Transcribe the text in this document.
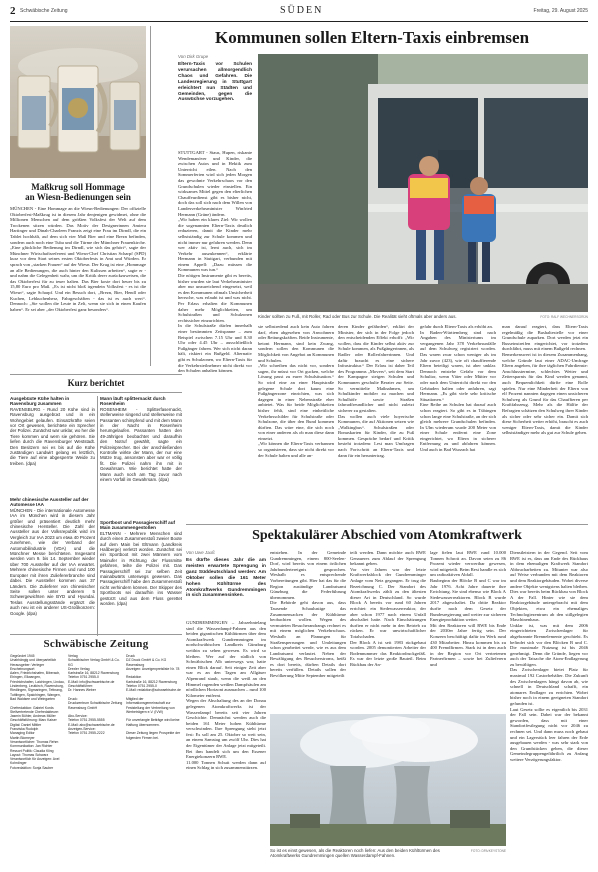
2 Schwäbische Zeitung	SÜDEN	Freitag, 29. August 2025
Maßkrug soll Hommage
an Wiesn-Bedienungen sein
MÜNCHEN - Eine Hommage an die Wiesn-Bedienungen: Der offizielle Oktoberfest-Maßkrug ist in diesem Jahr denjenigen gewidmet, ohne die Millionen Menschen auf dem größten Volksfest der Welt auf dem Trockenen sitzen würden. Das Motiv der Designerinnen Amiera Hartinger und Dinah-Charleen Franzis zeigt eine Frau im Dirndl, die ein Tablet hochhält, auf dem sich vier Maß Bier und eine Brezn befinden, sondern auch noch eine Tuba und die Türme der Münchner Frauenkirche. „Eine glückliche Bedienung im Dirndl, wie sich das gehört“, sagte der Münchner Wirtschaftsreferent und Wiesn-Chef Christian Scharpf (SPD) kurz vor dem Start seines ersten Oktoberfests in Amt und Würden. Er sprach von „starken Frauen“ auf der Wiesn. Der Krug ist eine „Hommage an alle Bedienungen, die auch hinter den Kulissen arbeiten“, sagte er - und nahm die Gelegenheit wahr, um die Kritik derer zurückzuweisen, die das Oktoberfest für zu teuer halten. Das Bier koste dort heuer bis zu 15,80 Euro pro Maß. „Es ist nicht bloß irgendein Volksfest - es ist die Wiesn“, sagte Scharpf. Und ein Besuch dort, „Brezn, Bier, Hendl oder Kuchen, Lebkuchenherz, Fahrgeschäften - das ist es auch wert“. Dennoch: „Sie wollen die Leute in Zelt, wenn sie sich in einen Kaufen haben“. Er sei aber „der Oktoberfest ganz besonders“.
Kurz berichtet
Ausgebüxte Kühe halten in Ravensburg zusammen
RAVENSBURG - Rund 20 Kühe sind in Ravensburg ausgebüxt und in ein Wohngebiet gelaufen. Einsatzkräfte seien vor Ort gewesen, berichtete ein Sprecher der Polizei. Zunächst war unklar, wo her die Tiere kommen und wem sie gehören. Sie liefen durch die Ravensburger Weststadt. Den Besitzern sei es bis auf die Kühe zuständigen Landwirt gelang es letztlich, die Tiere auf eine abgesperrte Weide zu treiben. (dpa)
Mehr chinesische Aussteller auf der Automesse IAA
MÜNCHEN - Die internationale Automesse IAA im München wird in diesem Jahr größer und präsentiert deutlich mehr chinesische Hersteller. Die Zahl der Aussteller aus der Volksrepublik wird im Vergleich zur IAA 2023 um etwa 40 Prozent zunehmen, wie der Verband der Automobilindustrie (VDA) und die Münchner Messe berichteten. Insgesamt werden vom 9. bis 14. September wieder über 700 Aussteller auf der IAA erwartet. Mehrere chinesische Firmen und rund 100 Europäer mit ihren Zuliefererbranche sind dabei. Die Aussteller kommen aus 37 Ländern. Die Zulieferer von chinesischer Seite sollen unter anderem 5 Schwergewichten wie BYD und Hyundai. Teslas Ausstellungsstände ergänzt die auch neu ist ein anderer US-Großkonzern: Google. (dpa)
Mann läuft splitternackt durch Rosenheim
ROSENHEIM - Splitterfasernackt, stellenweise singend und stellenweise mit Passanten schimpfend und mit dem Mann in der Nacht in Rosenheim herumgelaufen. Passanten hatten den 49-Jährigen beobachtet und daraufhin den Notruf gewählt, sagte ein Polizeisprecher. Bei der anschließenden Kontrolle wirkte der Mann, der nur eine Mütze trug, ansonsten aber war er völlig fit. Die Polizei nahm ihn mit in Gewahrsam. Wie berichtet hatte der Mann auch noch am Tag zuvor nach einem Vorfall im Gewahrsam. (dpa)
Sportboot und Passagierschiff auf Main zusammengestoßen
ELTMANN - Mehrere Menschen sind durch einen Zusammenstoß zweier Boote auf dem Main bei Eltmann (Landkreis Haßberge) verletzt worden. Zunächst sei ein Sportboot mit zwei Männern vom Mainufer in Richtung der Flussmitte gefahren, teilte die Polizei mit. Das Passagierschiff sei zur selben Zeit mainabwärts unterwegs gewesen. Das Passagierschiff habe den Zusammenstoß nicht verhindern können. Der Skipper des Sportboots sei daraufhin ins Wasser gestürzt und aus dem Fluss gerettet worden. (dpa)
Schwäbische Zeitung
Gegründet 1945
Unabhängig und überparteilich
Herausgeber: Verleger
Erscheinungsort
Aalen, Friedrichshafen, Biberach, Ehingen, Ellwangen, Friedrichshafen, Laichingen, Lindau, Lindenberg, Leutkirch, Ravensburg, Riedlingen, Sigmaringen, Tettnang, Tuttlingen, Spaichingen, Wangen, Bad Waldsee und Weingarten

Chefredaktion: Gabriel Kords
Stellvertretende Chefredakteure: Jasmin Bühler, Andreas Müller
Geschäftsführung: Marc Kaiser
Digital: Daniel Mittler
Franziska Rudolph
Managing Editor
Martin Blomeyer
Verantwortlicher: Thomas Rehm
Kommunikation: Jan Richter
Ressort Politik: Claudia Kling
Layout: Thomas Schwarz
Verantwortlich für Anzeigen: Axel Kohrdinger
Fotoredaktion: Sonja Sauber
Verlag
Schwäbischer Verlag GmbH & Co. KG
Drexler Verlag
Karlstraße 16, 88212 Ravensburg
Telefon 0751 2955-0
E-Mail: info@schwaebische.de
Geschäftsführer:
Dr. Hannes Weber

Druck:
Druckzentrum Schwäbische Zeitung
Ravensburg GmbH

Abo-Service:
Telefon 0751 2955-5555
E-Mail: abo@schwaebische.de
Anzeigen-Service:
Telefon 0751 2955-2222
Druck
DZ Druck GmbH & Co. KG Ravensburg
Anzeigen: Anzeigenpreisliste Nr. 78

Redaktion
Karlstraße 16, 88212 Ravensburg
Telefon 0751 2955-0
E-Mail: redaktion@schwaebische.de

Mitglied der Informationsgemeinschaft zur Feststellung der Verbreitung von Werbeträgern e.V. (IVW)

Für unverlangte Beiträge wird keine Haftung übernommen.

Dieser Zeitung liegen Prospekte der folgenden Firmen bei.
Kommunen sollen Eltern-Taxis einbremsen
Von Dirk Grupe
Eltern-Taxis vor Schulen verursachen allmorgendlich Chaos und Gefahren. Die Landesregierung in Stuttgart erleichtert nun Städten und Gemeinden, gegen die Auswüchse vorzugehen.
STUTTGART - Staus, Hupen, riskante Wendemanöver und Kinder, die zwischen Autos und in Hektik zum Unterricht eilen. Nach den Sommerferien wird sich jeden Morgen das gewohnte Verkehrschaos vor den Grundschulen wieder einstellen. Ein wirksames Mittel gegen den elterlichen Chauffeurdienst gibt es bisher nicht, doch das soll sich nach dem Willen von Landesverkehrsminister Winfried Hermann (Grüne) ändern.
„Wir haben ein klares Ziel: Wir wollen die sogenannten Eltern-Taxis deutlich reduzieren, damit die Kinder mehr selbstständig zur Schule kommen und nicht immer nur gefahren werden. Denn wer aktiv ist, lernt auch, sich im Verkehr auszukennen“, erklärte Hermann in Stuttgart, verbunden mit einem Appell: „Dazu müssen die Kommunen was tun.“
Die nötigen Instrumente gibt es bereits, bisher wurden sie laut Verkehrsminister aber nur unzureichend eingesetzt, weil es den Kommunen oftmals Unsicherheit herrsche, was erlaubt ist und was nicht. Per Erlass erhalten die Kommunen daher mehr Möglichkeiten, um Schulstraßen und Schulzonen rechtssicher einzurichten.
In die Schulstraße dürfen innerhalb einer bestimmten Zeitspanne – zum Beispiel zwischen 7.15 Uhr und 8.30 Uhr oder 4.45 Uhr – ausschließlich Fußgänger fahren. Wer sich nicht daran hält, riskiert ein Bußgeld. Alternativ gibt es Schulzonen, wo Eltern-Taxis für die Verkehrsteilnehmer nicht direkt vor den Schulen anhalten können.
Kinder sollten zu Fuß, mit Roller, Rad oder Bus zur Schule. Die Realität sieht oftmals aber anders aus.	FOTO: RALF WECHNERSGRÜN
sie selbstredend auch kein Auto fahren darf, eben abgesehen von Anwohnern oder Rettungskräften. Beide Instrumente, betont Hermann, sind kein Zwang, sondern sollen den Kommunen die Möglichkeit von Angebot an Kommunen und Schulen.
„Wir schreiben das nicht vor, sondern sagen, ihr müsst vor Ort gucken, welche Lösung passt zu eurer Schulsituation.“ So wird eine an einer Hauptstraße gelegene Schule dort kaum eine Fußgängerzone einrichten, was sich dagegen in einer Nebenstraße eher anbietet. Was für beide Möglichkeiten bisher fehlt, sind eine einheitliche Verkehrsschilder für Schulstraße oder Schulzone, die über den Bund kommen dürften. Das wäre eine, die sich noch von einer anderen als ob man diese dann einsetzt.
„Wir können die Eltern-Taxis verbannen so organisieren, dass sie nicht direkt vor der Schule halten und alle an-
deren Kinder gefährden“, erklärt der Minister, der sich in der Folge jedoch den entscheidenden Effekt erhofft: „Wir wollen, dass die Kinder selbst aktiv zur Schule kommen, als Fußgängerinnen, als Radler oder Rollerfahrerinnen. Und dafür braucht es eine sichere Infrastruktur.“ Der Erlass ist daher Teil des Programms „Movers“, seit dem Start der Kampagne steigen Schulen und Kommunen geschulte Berater zur Seite. So vermittelte Maßnahmen, um Schulkinder mobiler zu machen und Schulhöfe sowie Straßen fahrradfreundlicher und nicht zuletzt sicherer zu gestalten.
Das wollen auch viele hoyerische Kommunen, die auf Aktionen setzen wie „Walkingbus“. Schulstraßen oder Bonuskarten für Kinder, die zu Fuß kommen. Gespräche bedarf und Kritik besteht trotzdem: Lest man Umfragen nach Fortschritt an Eltern-Taxis und dann für ein heruntertrag.
gefahr durch Eltern-Taxis als erhöht an.
In Baden-Württemberg sind nach Angaben des Ministeriums im vergangenen Jahr 378 Verkehrsunfälle auf dem Schulweg registriert worden. Das waren zwar schon weniger als im Jahr zuvor (423), wie oft chauffierende Eltern beteiligt waren, ist aber unklar. Dennoch entstehe Gefahr vor dem Schultor, wenn Väter oder Mütter vor oder nach dem Unterricht direkt vor den Gebäuden halten oder anfahren, sagt Hermann. „Es gibt viele sehr kritische Situationen.“
Eine Reihe an Schulen hat darauf auch schon reagiert. So gibt es in Tübingen schon lange eine Schulstraße, an der sich gleich mehrere Grundschulen befinden. In Ulm wiederum wurde 200 Meter von einer Schule entfernt eine Zone eingerichtet, wo Eltern in sicherer Entfernung zu und abfahren können. Und auch in Bad Wurzach hat
man darauf reagiert, dass Eltern-Taxis regelmäßig die Bushaltestelle vor einer Grundschule zuparken. Dort werden jetzt ein Busseinstreifen eingerichtet, vor trotzdem durchfährt, muss mit einem Bußgeld rechnen.
Bemerkenswert ist in diesem Zusammenhang, welche Gründe laut einer ADAC-Umfrage Eltern angeben, für ihre täglichen Fahrdienste: Anschlusstermine, schlechtes Wetter und Zeitersparnis für das Kind werden genannt, auch Bequemlichkeit dürfte eine Rolle spielen. Nur eine Minderheit der Eltern von elf Prozent nannten dagegen einen unsicheren Schulweg als Grund für das Chauffieren per Kraftfahrzeug. Mehr als die Hälfte der Befragten schätzen den Schulweg ihrer Kinder als sicher oder sehr sicher ein. Damit sich diese Sicherheit weiter erhöht, braucht es auch weniger Eltern-Taxis, damit die Kinder selbstständiger mehr als gut zur Schule gehen.
Spektakulärer Abschied vom Atomkraftwerk
Von Uwe Jauß
Es dürfte dieses Jahr die am meisten erwartete Sprengung in ganz Süddeutschland werden: Am Oktober sollen die 161 Meter hohen Kühltürme des Atomkraftwerks Gundremmingen in sich zusammensinken.
GUNDREMMINGEN – Jahrzehntelang sind die Wasserdampf-Fahnen aus den beiden gigantischen Kühltürmen über dem Atomkraftwerk Gundremmingen im nordschwäbischen Landkreis Günzburg weithin zu sehen gewesen. Es wird so bleiben. Wer auf der südlich von Schwäbischen Alb unterwegs war, hatte einen Blick darauf. Seit einiger Zeit aber war es an den Tagen am Allgäuer Alpenrand staub, wenn die weiß an den Himmel ragenden weißen Dampfsäulen am nördlichen Horizont ausmachen – rund 100 Kilometer entfernt.
Wegen der Abschaltung des an der Donau gelegenen Atomkraftwerks ist der Wasserdampf bereits seit vier Jahren Geschichte. Demnächst werden auch die beiden 161 Meter hohen Kühltürme verschwinden. Ihre Sprengung steht jetzt fest: Es soll am 25. Oktober so weit sein, an einem Samstag um zwölf Uhr. Dies hat der Eigentümer der Anlage jetzt mitgeteilt. Bei ihm handelt sich um den Essener Energiekonzern RWE.
11.000 Tonnen Schutt werden dann auf einen Schlag in sich zusammenstürzen.
entstehen. In der Gemeinde Gundremmingen, einem 800-Seelen-Dorf, wird bereits von einem örtlichen Jahrhundertereignis gesprochen. Weshalb es entsprechende Vorbereitungen gibt. Hier hat das für die Region zuständige Landratsamt Günzburg die Federführung übernommen.
Die Behörde geht davon aus, dass Tausende Schaulustige das Zusammensacken der Kühltürme beobachten wollen. Wegen des vermuteten Besucherandrangs rechnet es mit einem möglichen Verkehrschaos. Weshalb an Planungen für Straßensperrungen und Umleitungen schon gearbeitet werde, wie es aus dem Landratsamt verlautet. Neben der Bewältigung des Besucherstroms, heißt es dort bereits, dürften Details dort bereits verfüllen. Details sollen der Bevölkerung Mitte September mitgeteilt
teilt werden. Dann möchte auch RWE Genaueres zum Ablauf der Sprengung bekannt geben.
Vor vier Jahren war der letzte Kraftwerksblock der Gundremminger Anlage vom Netz gegangen. Er trug die Bezeichnung C. Der Standort des Atomkraftwerks zählt zu den ältesten dieser Art in Deutschland. So wurde Block A bereits vor rund 60 Jahren errichtet: ein Siedewasserreaktor, der aber schon 1977 nach einem Unfall abschaltet hatte. Nach Einschätzungen durften er nicht mehr in den Betrieb zu rücken. Er war unwirtschaftlicher Totalschaden.
Der Block A ist seit 1983 rückgebaut worden. 2005 demontierten Arbeiter der Bodennummer das Reaktordruckgefäß. Es war der letzte große Bauteil. Beim Rückbau der An-
lage fielen laut RWE rund 10.000 Tonnen Schrott an. Davon seien zu 86 Prozent wieder verwertbar gewesen, wird mitgeteilt. Beim Rest handle es sich um radioaktiven Abfall.
Baubeginn der Blöcke B und C war im Jahr 1976. Acht Jahre dauerte ihre Errichtung. Sie sind ebenso wie Block A Siedewasserreaktoren. Block B wurde 2017 abgeschaltet. Da dritte Reaktor durfte nach dem Gesetz der Bundesregierung und weiter zur sicheren Energieproduktion weiter.
Mit den Reaktoren will RWE bis Ende der 2030er Jahre fertig sein. Der Konzern beschäftigt dafür im Werk rund 430 Mitarbeiter. Hinzu kommen bis zu 400 Fremdfirmen. Stark ist in dem auch in der Region vor Ort vertretenen Partnerfirmen – sowie bei Zulieferern und
Dienstleistern in der Gegend. Seit vom RWE ist es, dass am Ende des Rückbaus in dem ehemaligen Kraftwerk Standort Abbrucharbeiten zu. Mitunter war also auf Weise verbunden mit dem Reaktoren und dem Reaktorgebäuden. Wobei diverse andere Objekte wenigstens halten bleiben. Dies war bereits beim Rückbau von Block A der Fall. Hinter wie sie dem Reaktorgebäude untergebracht mit dem Objekten, etwa ein ehemaliges Technologiezentrum ab den stillgelegten Maschinenhaus.
Unklar ist, was mit dem 2006 eingerichteten Zwischenlager für abgebrannte Brennelemente geschieht. Es befindet sich vor den Blöcken B und C. Die maximale Nutzung ist bis 2046 genehmigt. Denn die Gründe, liegen vor auch der Tatsache die Atom-Endlagerung zu bewältigen.
Das Zwischenlager bietet Platz für maximal 192 Castorbehälter. Die Zukunft des Zwischenlagers hängt davon ab, wie schnell in Deutschland schafft, ein atomares Endlager zu errichten. Wobei bisher noch in einem geeigneten Standort gefunden ist.
Laut Gesetz sollte es eigentlich bis 2031 der Fall sein. Dabei war der bekannt geworden, dass mit einer Standortfestlegung nicht vor 2046 zu rechnen sei. Und dann muss noch gebaut und ein Lagerstück leer fahren der Erde ausgebauen werden - was sehr stark von den Grundstücken geben, die dieser Gemeindegruppengefährtlich zu Anfang weitere Verzögerungsfaktor.
So ist es einst gewesen, als die Reaktoren noch liefen: Aus den beiden Kühltürmen des Atomkraftwerks Gundremmingen quellen Wasserdampf-Fahnen.
FOTO: DPA/KEYSTONE
